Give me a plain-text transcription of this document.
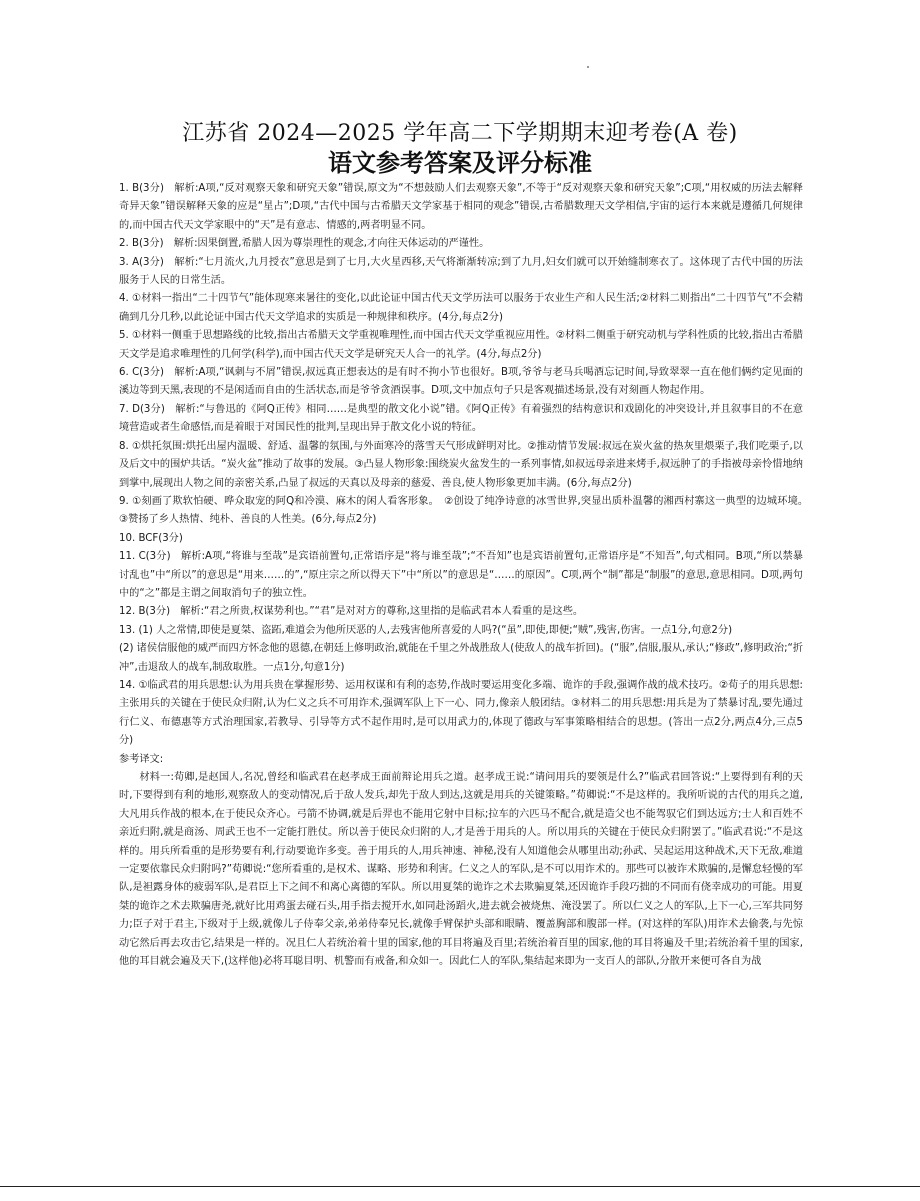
江苏省 2024—2025 学年高二下学期期末迎考卷(A 卷)
语文参考答案及评分标准

1. B(3分)　解析:A项,“反对观察天象和研究天象”错误,原文为“不想鼓励人们去观察天象”,不等于“反对观察天象和研究天象”;C项,“用权威的历法去解释奇异天象”错误解释天象的应是“星占”;D项,“古代中国与古希腊天文学家基于相同的观念”错误,古希腊数理天文学相信,宇宙的运行本来就是遵循几何规律的,而中国古代天文学家眼中的“天”是有意志、情感的,两者明显不同。

2. B(3分)　解析:因果倒置,希腊人因为尊崇理性的观念,才向往天体运动的严谨性。

3. A(3分)　解析:“七月流火,九月授衣”意思是到了七月,大火星西移,天气将渐渐转凉;到了九月,妇女们就可以开始缝制寒衣了。这体现了古代中国的历法服务于人民的日常生活。

4. ①材料一指出“二十四节气”能体现寒来暑往的变化,以此论证中国古代天文学历法可以服务于农业生产和人民生活;②材料二则指出“二十四节气”不会精确到几分几秒,以此论证中国古代天文学追求的实质是一种规律和秩序。(4分,每点2分)

5. ①材料一侧重于思想路线的比较,指出古希腊天文学重视唯理性,而中国古代天文学重视应用性。②材料二侧重于研究动机与学科性质的比较,指出古希腊天文学是追求唯理性的几何学(科学),而中国古代天文学是研究天人合一的礼学。(4分,每点2分)

6. C(3分)　解析:A项,“讽刺与不屑”错误,叔远真正想表达的是有时不拘小节也很好。B项,爷爷与老马兵喝酒忘记时间,导致翠翠一直在他们俩约定见面的溪边等到天黑,表现的不是闲适而自由的生活状态,而是爷爷贪酒误事。D项,文中加点句子只是客观描述场景,没有对刻画人物起作用。

7. D(3分)　解析:“与鲁迅的《阿Q正传》相同……是典型的散文化小说”错。《阿Q正传》有着强烈的结构意识和戏剧化的冲突设计,并且叙事目的不在意境营造或者生命感悟,而是着眼于对国民性的批判,呈现出异于散文化小说的特征。

8. ①烘托氛围:烘托出屋内温暖、舒适、温馨的氛围,与外面寒冷的落雪天气形成鲜明对比。②推动情节发展:叔远在炭火盆的热灰里煨栗子,我们吃栗子,以及后文中的围炉共话。“炭火盆”推动了故事的发展。③凸显人物形象:围绕炭火盆发生的一系列事情,如叔远母亲进来烤手,叔远肿了的手指被母亲怜惜地纳到掌中,展现出人物之间的亲密关系,凸显了叔远的天真以及母亲的慈爱、善良,使人物形象更加丰满。(6分,每点2分)

9. ①刻画了欺软怕硬、哗众取宠的阿Q和冷漠、麻木的闲人看客形象。　②创设了纯净诗意的冰雪世界,突显出质朴温馨的湘西村寨这一典型的边城环境。　③赞扬了乡人热情、纯朴、善良的人性美。(6分,每点2分)

10. BCF(3分)

11. C(3分)　解析:A项,“将谁与至哉”是宾语前置句,正常语序是“将与谁至哉”;“不吾知”也是宾语前置句,正常语序是“不知吾”,句式相同。B项,“所以禁暴讨乱也”中“所以”的意思是“用来……的”,“原庄宗之所以得天下”中“所以”的意思是“……的原因”。C项,两个“制”都是“制服”的意思,意思相同。D项,两句中的“之”都是主谓之间取消句子的独立性。

12. B(3分)　解析:“君之所贵,权谋势利也。”“君”是对对方的尊称,这里指的是临武君本人看重的是这些。

13. (1) 人之常情,即使是夏桀、盗跖,难道会为他所厌恶的人,去残害他所喜爱的人吗?(“虽”,即使,即便;“贼”,残害,伤害。一点1分,句意2分)

(2) 诸侯信服他的威严而四方怀念他的恩德,在朝廷上修明政治,就能在千里之外战胜敌人(使敌人的战车折回)。(“服”,信服,服从,承认;“修政”,修明政治;“折冲”,击退敌人的战车,制敌取胜。一点1分,句意1分)

14. ①临武君的用兵思想:认为用兵贵在掌握形势、运用权谋和有利的态势,作战时要运用变化多端、诡诈的手段,强调作战的战术技巧。②荀子的用兵思想:主张用兵的关键在于使民众归附,认为仁义之兵不可用诈术,强调军队上下一心、同力,像亲人般团结。③材料二的用兵思想:用兵是为了禁暴讨乱,要先通过行仁义、布德惠等方式治理国家,若教导、引导等方式不起作用时,是可以用武力的,体现了德政与军事策略相结合的思想。(答出一点2分,两点4分,三点5分)

参考译文:

材料一:荀卿,是赵国人,名况,曾经和临武君在赵孝成王面前辩论用兵之道。赵孝成王说:“请问用兵的要领是什么?”临武君回答说:“上要得到有利的天时,下要得到有利的地形,观察敌人的变动情况,后于敌人发兵,却先于敌人到达,这就是用兵的关键策略。”荀卿说:“不是这样的。我所听说的古代的用兵之道,大凡用兵作战的根本,在于使民众齐心。弓箭不协调,就是后羿也不能用它射中目标;拉车的六匹马不配合,就是造父也不能驾驭它们到达远方;士人和百姓不亲近归附,就是商汤、周武王也不一定能打胜仗。所以善于使民众归附的人,才是善于用兵的人。所以用兵的关键在于使民众归附罢了。”临武君说:“不是这样的。用兵所看重的是形势要有利,行动要诡诈多变。善于用兵的人,用兵神速、神秘,没有人知道他会从哪里出动;孙武、吴起运用这种战术,天下无敌,难道一定要依靠民众归附吗?”荀卿说:“您所看重的,是权术、谋略、形势和利害。仁义之人的军队,是不可以用诈术的。那些可以被诈术欺骗的,是懈怠轻慢的军队,是袒露身体的疲弱军队,是君臣上下之间不和离心离德的军队。所以用夏桀的诡诈之术去欺骗夏桀,还因诡诈手段巧拙的不同而有侥幸成功的可能。用夏桀的诡诈之术去欺骗唐尧,就好比用鸡蛋去碰石头,用手指去搅开水,如同赴汤蹈火,进去就会被烧焦、淹没罢了。所以仁义之人的军队,上下一心,三军共同努力;臣子对于君主,下级对于上级,就像儿子侍奉父亲,弟弟侍奉兄长,就像手臂保护头部和眼睛、覆盖胸部和腹部一样。(对这样的军队)用诈术去偷袭,与先惊动它然后再去攻击它,结果是一样的。况且仁人若统治着十里的国家,他的耳目将遍及百里;若统治着百里的国家,他的耳目将遍及千里;若统治着千里的国家,他的耳目就会遍及天下,(这样他)必将耳聪目明、机警而有戒备,和众如一。因此仁人的军队,集结起来即为一支百人的部队,分散开来便可各自为战
